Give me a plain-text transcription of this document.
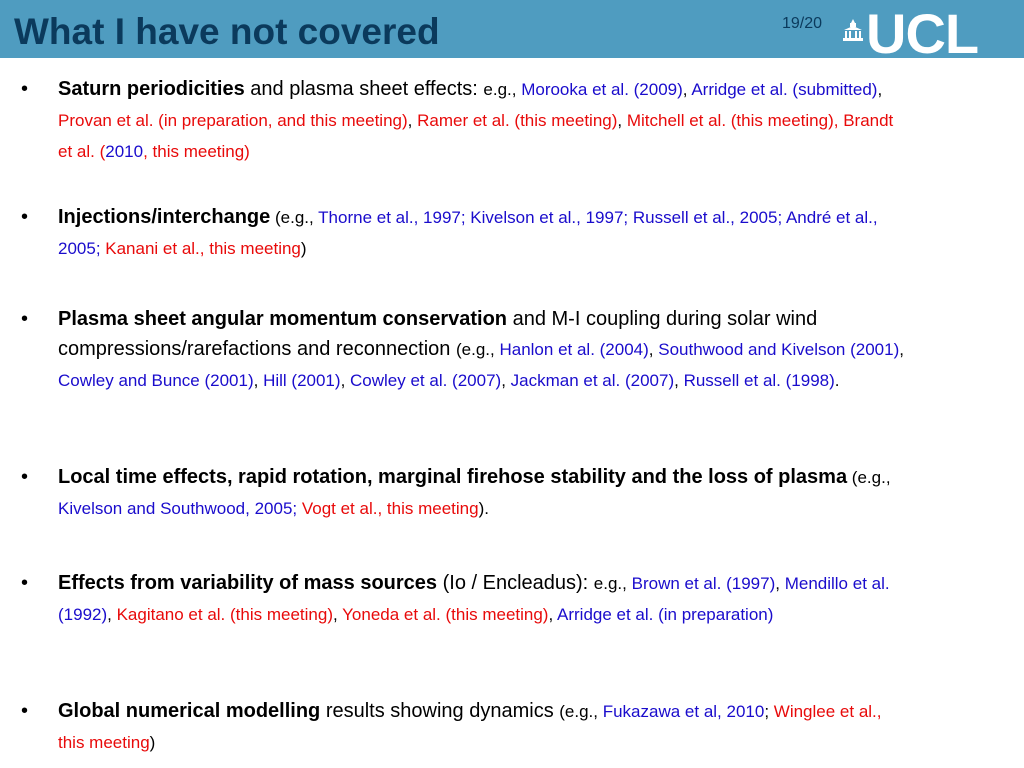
What I have not covered	19/20 UCL
• Saturn periodicities and plasma sheet effects: e.g., Morooka et al. (2009), Arridge et al. (submitted), Provan et al. (in preparation, and this meeting), Ramer et al. (this meeting), Mitchell et al. (this meeting), Brandt et al. (2010, this meeting)
• Injections/interchange (e.g., Thorne et al., 1997; Kivelson et al., 1997; Russell et al., 2005; André et al., 2005; Kanani et al., this meeting)
• Plasma sheet angular momentum conservation and M-I coupling during solar wind compressions/rarefactions and reconnection (e.g., Hanlon et al. (2004), Southwood and Kivelson (2001), Cowley and Bunce (2001), Hill (2001), Cowley et al. (2007), Jackman et al. (2007), Russell et al. (1998).
• Local time effects, rapid rotation, marginal firehose stability and the loss of plasma (e.g., Kivelson and Southwood, 2005; Vogt et al., this meeting).
• Effects from variability of mass sources (Io / Encleadus): e.g., Brown et al. (1997), Mendillo et al. (1992), Kagitano et al. (this meeting), Yoneda et al. (this meeting), Arridge et al. (in preparation)
• Global numerical modelling results showing dynamics (e.g., Fukazawa et al, 2010; Winglee et al., this meeting)
